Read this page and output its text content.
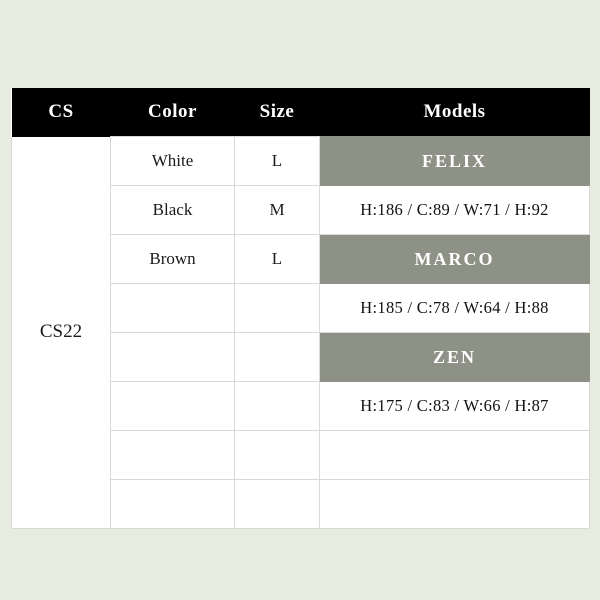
CS	Color	Size	Models
CS22	White	L	FELIX
	Black	M	H:186 / C:89 / W:71 / H:92
	Brown	L	MARCO
			H:185 / C:78 / W:64 / H:88
			ZEN
			H:175 / C:83 / W:66 / H:87
